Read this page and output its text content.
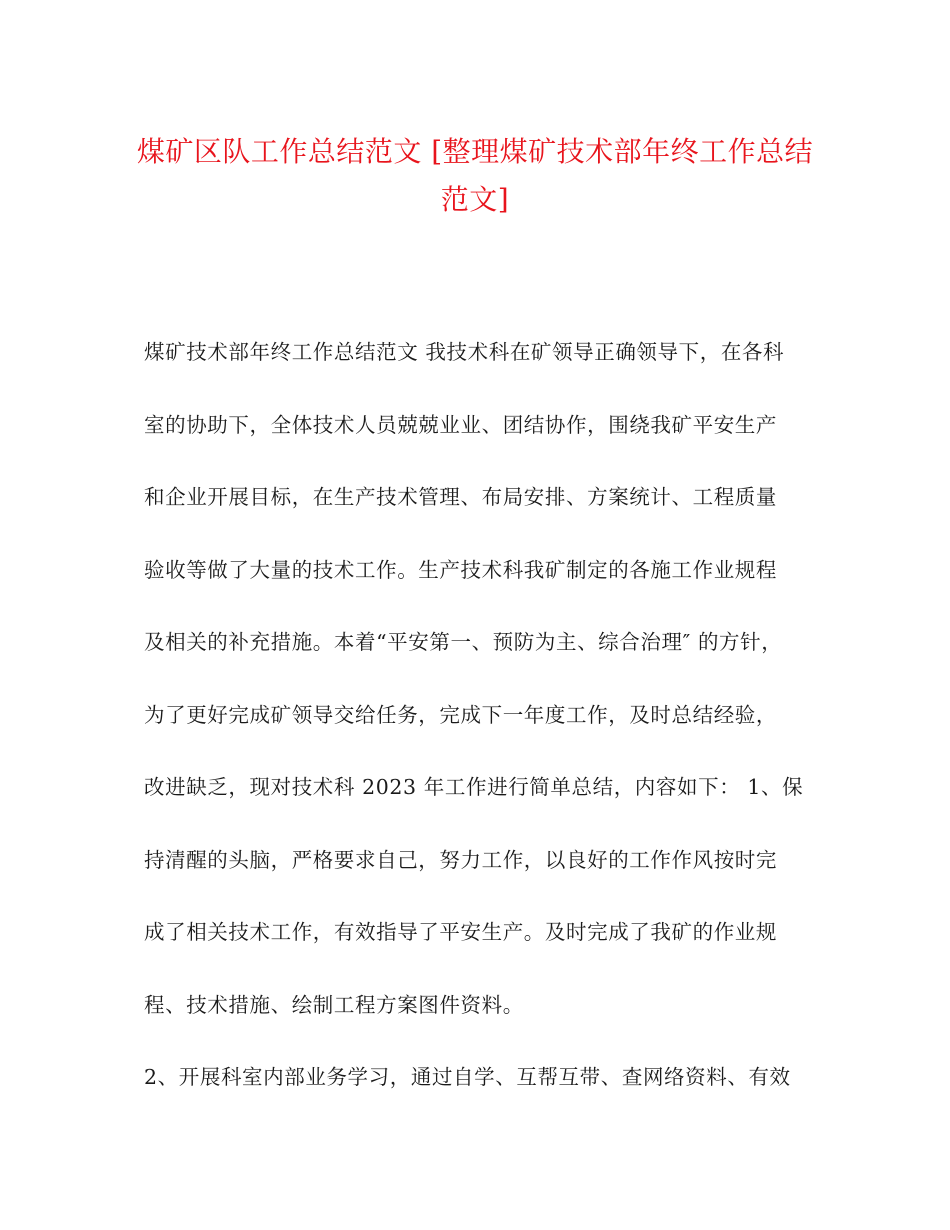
煤矿区队工作总结范文 [整理煤矿技术部年终工作总结
范文]
煤矿技术部年终工作总结范文 我技术科在矿领导正确领导下，在各科
室的协助下，全体技术人员兢兢业业、团结协作，围绕我矿平安生产
和企业开展目标，在生产技术管理、布局安排、方案统计、工程质量
验收等做了大量的技术工作。生产技术科我矿制定的各施工作业规程
及相关的补充措施。本着“平安第一、预防为主、综合治理″ 的方针，
为了更好完成矿领导交给任务，完成下一年度工作，及时总结经验，
改进缺乏，现对技术科 2023 年工作进行简单总结，内容如下： 1、保
持清醒的头脑，严格要求自己，努力工作，以良好的工作作风按时完
成了相关技术工作，有效指导了平安生产。及时完成了我矿的作业规
程、技术措施、绘制工程方案图件资料。
2、开展科室内部业务学习，通过自学、互帮互带、查网络资料、有效
